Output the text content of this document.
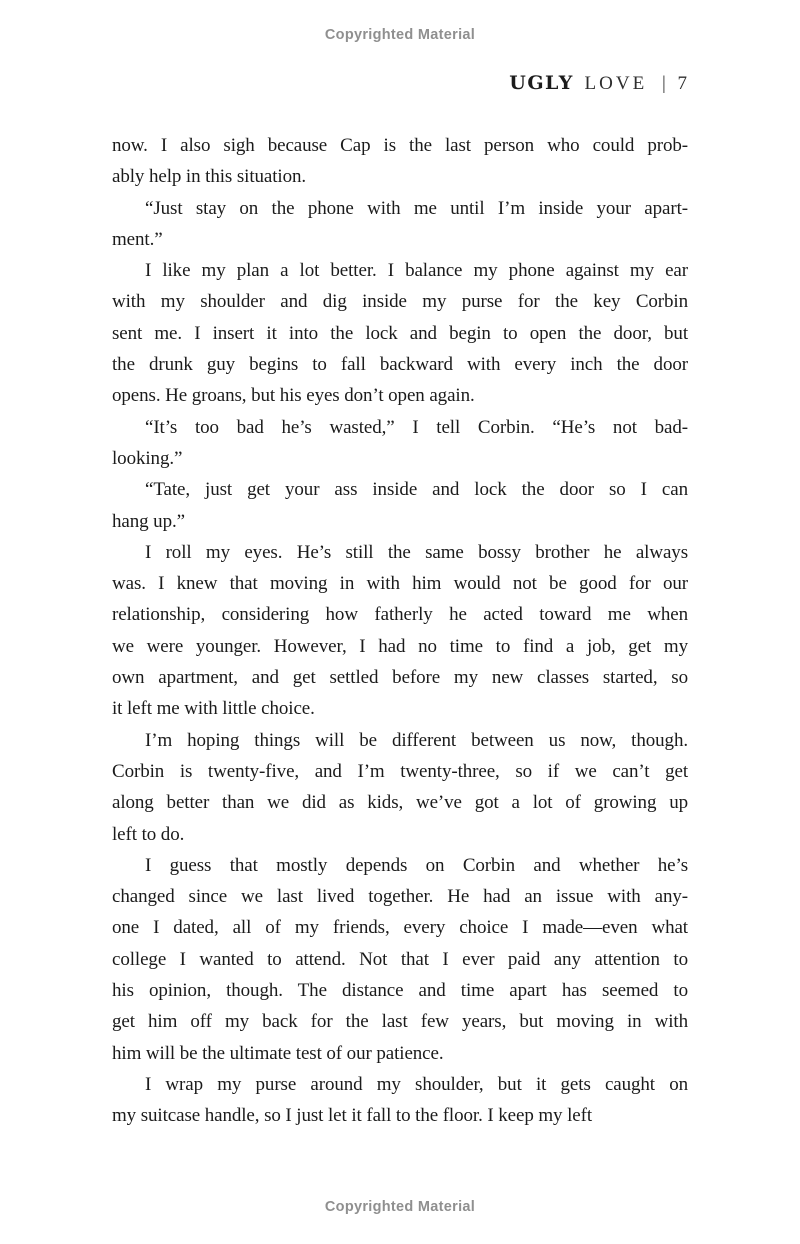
Copyrighted Material
UGLY LOVE | 7
now. I also sigh because Cap is the last person who could prob-
ably help in this situation.
“Just stay on the phone with me until I’m inside your apart-
ment.”
I like my plan a lot better. I balance my phone against my ear
with my shoulder and dig inside my purse for the key Corbin
sent me. I insert it into the lock and begin to open the door, but
the drunk guy begins to fall backward with every inch the door
opens. He groans, but his eyes don’t open again.
“It’s too bad he’s wasted,” I tell Corbin. “He’s not bad-
looking.”
“Tate, just get your ass inside and lock the door so I can
hang up.”
I roll my eyes. He’s still the same bossy brother he always
was. I knew that moving in with him would not be good for our
relationship, considering how fatherly he acted toward me when
we were younger. However, I had no time to find a job, get my
own apartment, and get settled before my new classes started, so
it left me with little choice.
I’m hoping things will be different between us now, though.
Corbin is twenty-five, and I’m twenty-three, so if we can’t get
along better than we did as kids, we’ve got a lot of growing up
left to do.
I guess that mostly depends on Corbin and whether he’s
changed since we last lived together. He had an issue with any-
one I dated, all of my friends, every choice I made—even what
college I wanted to attend. Not that I ever paid any attention to
his opinion, though. The distance and time apart has seemed to
get him off my back for the last few years, but moving in with
him will be the ultimate test of our patience.
I wrap my purse around my shoulder, but it gets caught on
my suitcase handle, so I just let it fall to the floor. I keep my left
Copyrighted Material
